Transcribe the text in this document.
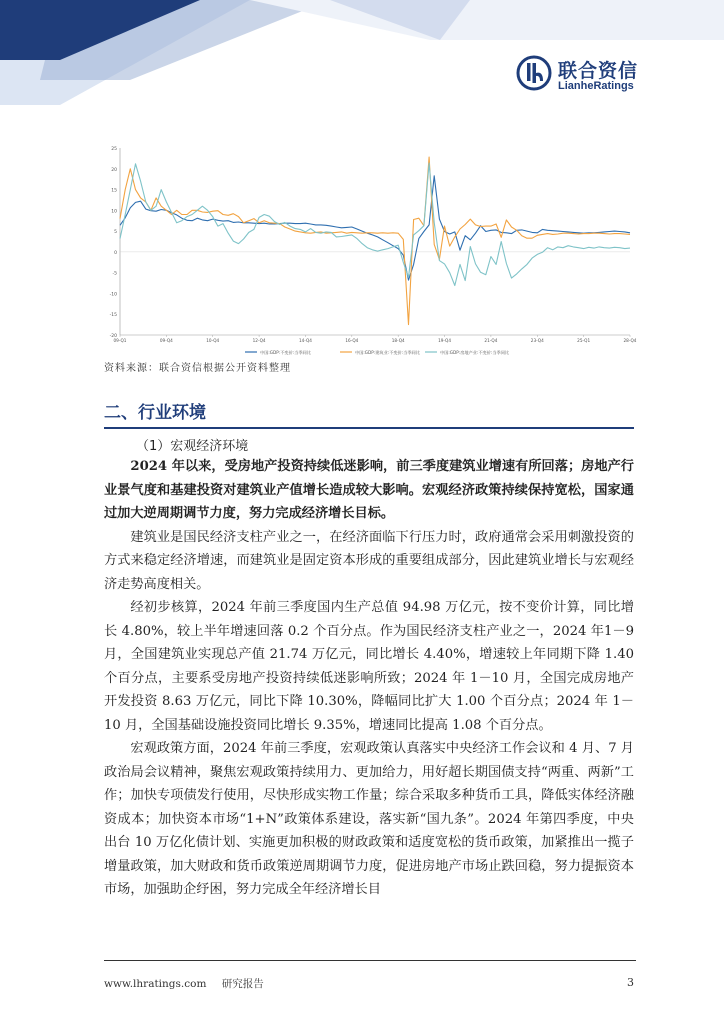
联合资信
LianheRatings
25
20
15
10
5
0
-5
-10
-15
-20
09-Q1	09-Q4	10-Q4	12-Q4	14-Q4	16-Q4	18-Q4	19-Q4	21-Q4	23-Q4	25-Q1	28-Q4
中国:GDP:不变价:当季同比	中国:GDP:建筑业:不变价:当季同比	中国:GDP:房地产业:不变价:当季同比
资料来源：联合资信根据公开资料整理
二、行业环境
（1）宏观经济环境

2024 年以来，受房地产投资持续低迷影响，前三季度建筑业增速有所回落；房地产行业景气度和基建投资对建筑业产值增长造成较大影响。宏观经济政策持续保持宽松，国家通过加大逆周期调节力度，努力完成经济增长目标。

建筑业是国民经济支柱产业之一，在经济面临下行压力时，政府通常会采用刺激投资的方式来稳定经济增速，而建筑业是固定资本形成的重要组成部分，因此建筑业增长与宏观经济走势高度相关。

经初步核算，2024 年前三季度国内生产总值 94.98 万亿元，按不变价计算，同比增长 4.80%，较上半年增速回落 0.2 个百分点。作为国民经济支柱产业之一，2024 年1－9 月，全国建筑业实现总产值 21.74 万亿元，同比增长 4.40%，增速较上年同期下降 1.40 个百分点，主要系受房地产投资持续低迷影响所致；2024 年 1－10 月，全国完成房地产开发投资 8.63 万亿元，同比下降 10.30%，降幅同比扩大 1.00 个百分点；2024 年 1－10 月，全国基础设施投资同比增长 9.35%，增速同比提高 1.08 个百分点。

宏观政策方面，2024 年前三季度，宏观政策认真落实中央经济工作会议和 4 月、7 月政治局会议精神，聚焦宏观政策持续用力、更加给力，用好超长期国债支持“两重、两新”工作；加快专项债发行使用，尽快形成实物工作量；综合采取多种货币工具，降低实体经济融资成本；加快资本市场“1+N”政策体系建设，落实新“国九条”。2024 年第四季度，中央出台 10 万亿化债计划、实施更加积极的财政政策和适度宽松的货币政策，加紧推出一揽子增量政策，加大财政和货币政策逆周期调节力度，促进房地产市场止跌回稳，努力提振资本市场，加强助企纾困，努力完成全年经济增长目

www.lhratings.com 研究报告	3
